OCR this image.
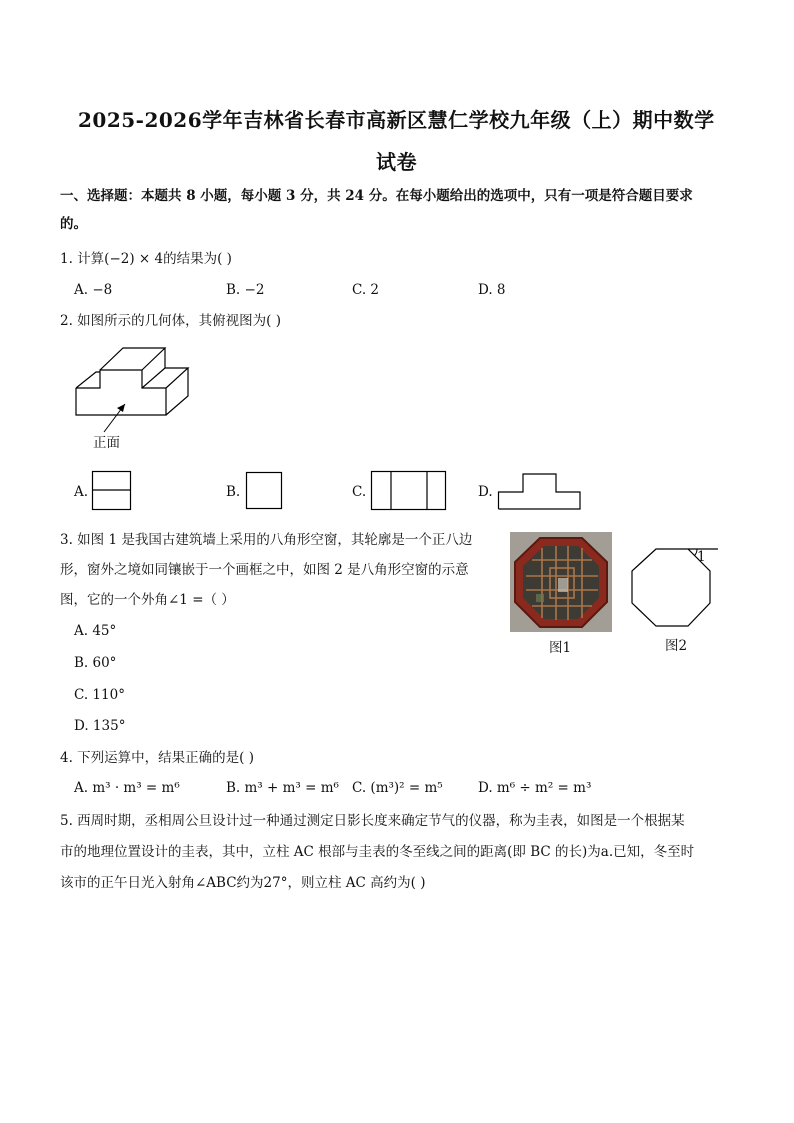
2025-2026学年吉林省长春市高新区慧仁学校九年级（上）期中数学
试卷
一、选择题：本题共 8 小题，每小题 3 分，共 24 分。在每小题给出的选项中，只有一项是符合题目要求
的。
1. 计算(−2) × 4的结果为( )
A. −8	B. −2	C. 2	D. 8
2. 如图所示的几何体，其俯视图为( )
正面
A.	B.	C.	D.
3. 如图 1 是我国古建筑墙上采用的八角形空窗，其轮廓是一个正八边
形，窗外之境如同镶嵌于一个画框之中，如图 2 是八角形空窗的示意
图，它的一个外角∠1 =（ ）
A. 45°
B. 60°
C. 110°
D. 135°
图1
1
图2
4. 下列运算中，结果正确的是( )
A. m³ · m³ = m⁶	B. m³ + m³ = m⁶ C. (m³)² = m⁵	D. m⁶ ÷ m² = m³
5. 西周时期，丞相周公旦设计过一种通过测定日影长度来确定节气的仪器，称为圭表，如图是一个根据某
市的地理位置设计的圭表，其中，立柱 AC 根部与圭表的冬至线之间的距离(即 BC 的长)为a.已知，冬至时
该市的正午日光入射角∠ABC约为27°，则立柱 AC 高约为( )
